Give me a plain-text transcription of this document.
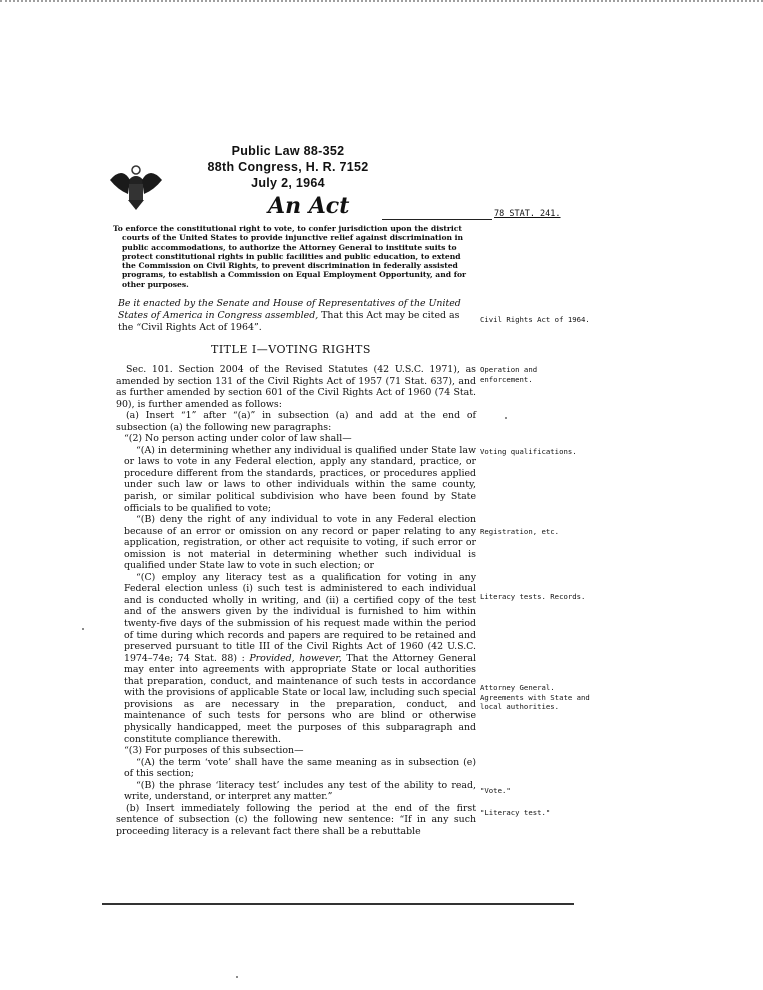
Public Law 88-352
88th Congress, H. R. 7152
July 2, 1964
An Act	78 STAT. 241.

To enforce the constitutional right to vote, to confer jurisdiction upon the district courts of the United States to provide injunctive relief against discrimination in public accommodations, to authorize the Attorney General to institute suits to protect constitutional rights in public facilities and public education, to extend the Commission on Civil Rights, to prevent discrimination in federally assisted programs, to establish a Commission on Equal Employment Opportunity, and for other purposes.

Be it enacted by the Senate and House of Representatives of the United States of America in Congress assembled, That this Act may be cited as the “Civil Rights Act of 1964”.

TITLE I—VOTING RIGHTS

Sec. 101. Section 2004 of the Revised Statutes (42 U.S.C. 1971), as amended by section 131 of the Civil Rights Act of 1957 (71 Stat. 637), and as further amended by section 601 of the Civil Rights Act of 1960 (74 Stat. 90), is further amended as follows:

(a) Insert “1” after “(a)” in subsection (a) and add at the end of subsection (a) the following new paragraphs:

“(2) No person acting under color of law shall—

“(A) in determining whether any individual is qualified under State law or laws to vote in any Federal election, apply any standard, practice, or procedure different from the standards, practices, or procedures applied under such law or laws to other individuals within the same county, parish, or similar political subdivision who have been found by State officials to be qualified to vote;

“(B) deny the right of any individual to vote in any Federal election because of an error or omission on any record or paper relating to any application, registration, or other act requisite to voting, if such error or omission is not material in determining whether such individual is qualified under State law to vote in such election; or

“(C) employ any literacy test as a qualification for voting in any Federal election unless (i) such test is administered to each individual and is conducted wholly in writing, and (ii) a certified copy of the test and of the answers given by the individual is furnished to him within twenty-five days of the submission of his request made within the period of time during which records and papers are required to be retained and preserved pursuant to title III of the Civil Rights Act of 1960 (42 U.S.C. 1974–74e; 74 Stat. 88) : Provided, however, That the Attorney General may enter into agreements with appropriate State or local authorities that preparation, conduct, and maintenance of such tests in accordance with the provisions of applicable State or local law, including such special provisions as are necessary in the preparation, conduct, and maintenance of such tests for persons who are blind or otherwise physically handicapped, meet the purposes of this subparagraph and constitute compliance therewith.

“(3) For purposes of this subsection—

“(A) the term ‘vote’ shall have the same meaning as in subsection (e) of this section;

“(B) the phrase ‘literacy test’ includes any test of the ability to read, write, understand, or interpret any matter.”

(b) Insert immediately following the period at the end of the first sentence of subsection (c) the following new sentence: “If in any such proceeding literacy is a relevant fact there shall be a rebuttable

Civil Rights Act of 1964.
Operation and enforcement.
Voting qualifications.
Registration, etc.
Literacy tests. Records.
Attorney General. Agreements with State and local authorities.
"Vote."
"Literacy test."
